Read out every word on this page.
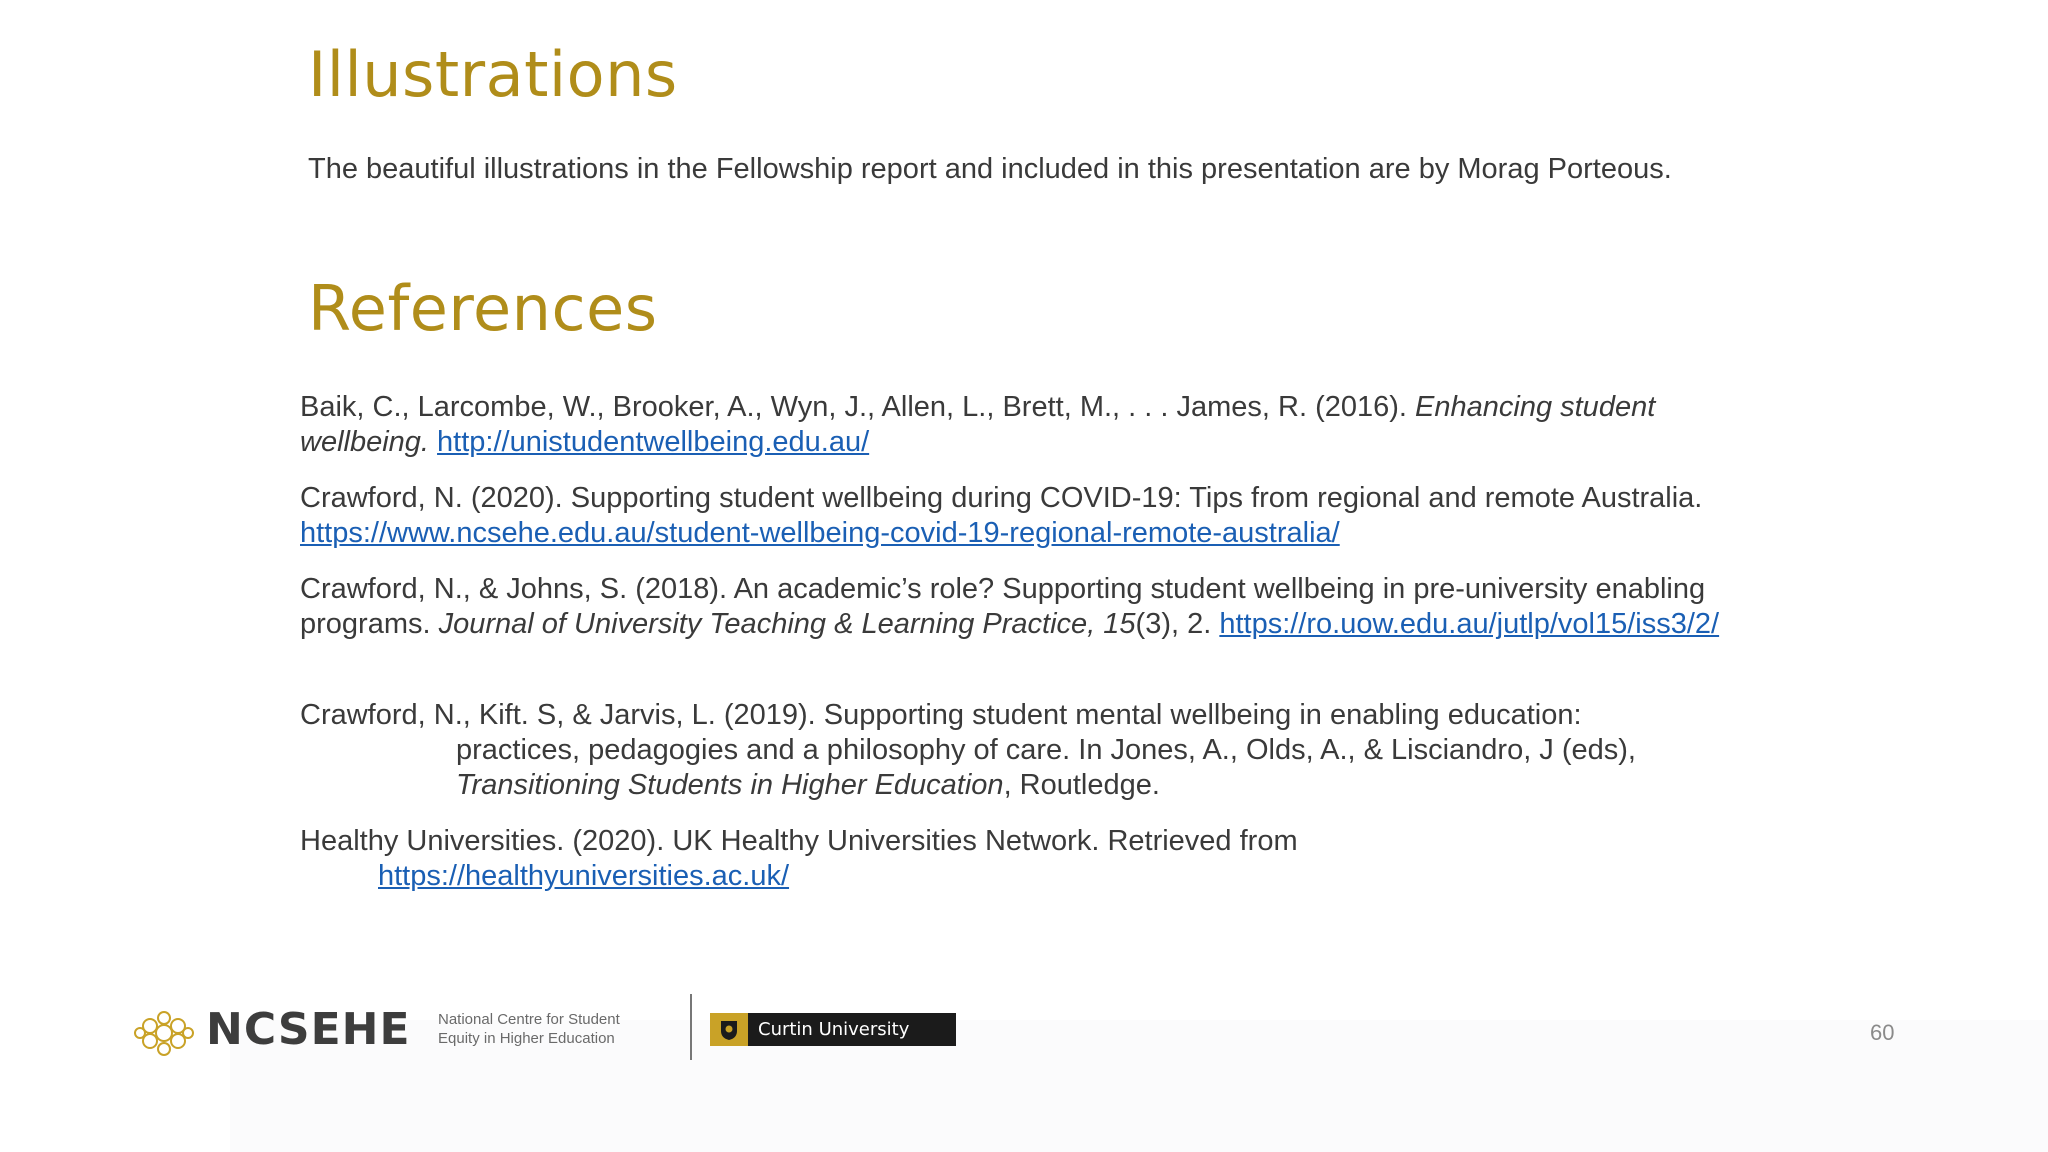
Illustrations

The beautiful illustrations in the Fellowship report and included in this presentation are by Morag Porteous.

References

Baik, C., Larcombe, W., Brooker, A., Wyn, J., Allen, L., Brett, M., . . . James, R. (2016). Enhancing student wellbeing. http://unistudentwellbeing.edu.au/

Crawford, N. (2020). Supporting student wellbeing during COVID-19: Tips from regional and remote Australia. https://www.ncsehe.edu.au/student-wellbeing-covid-19-regional-remote-australia/

Crawford, N., & Johns, S. (2018). An academic’s role? Supporting student wellbeing in pre-university enabling programs. Journal of University Teaching & Learning Practice, 15(3), 2. https://ro.uow.edu.au/jutlp/vol15/iss3/2/

Crawford, N., Kift. S, & Jarvis, L. (2019). Supporting student mental wellbeing in enabling education:
practices, pedagogies and a philosophy of care. In Jones, A., Olds, A., & Lisciandro, J (eds),
Transitioning Students in Higher Education, Routledge.

Healthy Universities. (2020). UK Healthy Universities Network. Retrieved from
https://healthyuniversities.ac.uk/

NCSEHE National Centre for Student
Equity in Higher Education	Curtin University	60
